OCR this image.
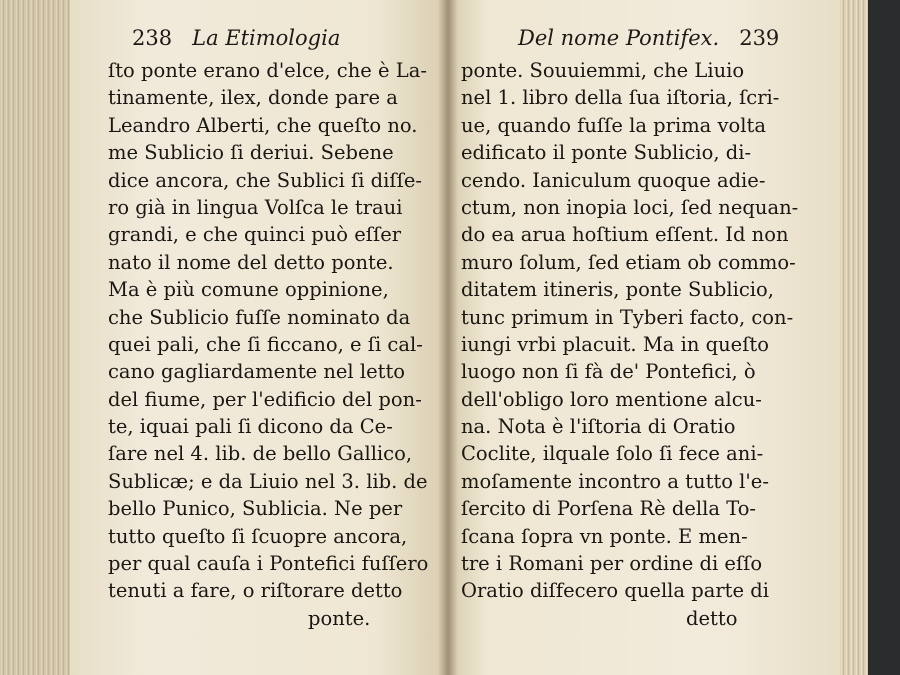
238 La Etimologia
ſto ponte erano d'elce, che è La-
tinamente, ilex, donde pare a
Leandro Alberti, che queſto no.
me Sublicio ſi deriui. Sebene
dice ancora, che Sublici ſi diſſe-
ro già in lingua Volſca le traui
grandi, e che quinci può eſſer
nato il nome del detto ponte.
Ma è più comune oppinione,
che Sublicio fuſſe nominato da
quei pali, che ſi ficcano, e ſi cal-
cano gagliardamente nel letto
del fiume, per l'edificio del pon-
te, iquai pali ſi dicono da Ce-
ſare nel 4. lib. de bello Gallico,
Sublicæ; e da Liuio nel 3. lib. de
bello Punico, Sublicia. Ne per
tutto queſto ſi ſcuopre ancora,
per qual cauſa i Pontefici fuſſero
tenuti a fare, o riſtorare detto
ponte.
Del nome Pontifex. 239
ponte. Souuiemmi, che Liuio
nel 1. libro della ſua iſtoria, ſcri-
ue, quando fuſſe la prima volta
edificato il ponte Sublicio, di-
cendo. Ianiculum quoque adie-
ctum, non inopia loci, ſed nequan-
do ea arua hoſtium eſſent. Id non
muro ſolum, ſed etiam ob commo-
ditatem itineris, ponte Sublicio,
tunc primum in Tyberi facto, con-
iungi vrbi placuit. Ma in queſto
luogo non ſi fà de' Pontefici, ò
dell'obligo loro mentione alcu-
na. Nota è l'iſtoria di Oratio
Coclite, ilquale ſolo ſi fece ani-
moſamente incontro a tutto l'e-
ſercito di Porſena Rè della To-
ſcana ſopra vn ponte. E men-
tre i Romani per ordine di eſſo
Oratio diſfecero quella parte di
detto
